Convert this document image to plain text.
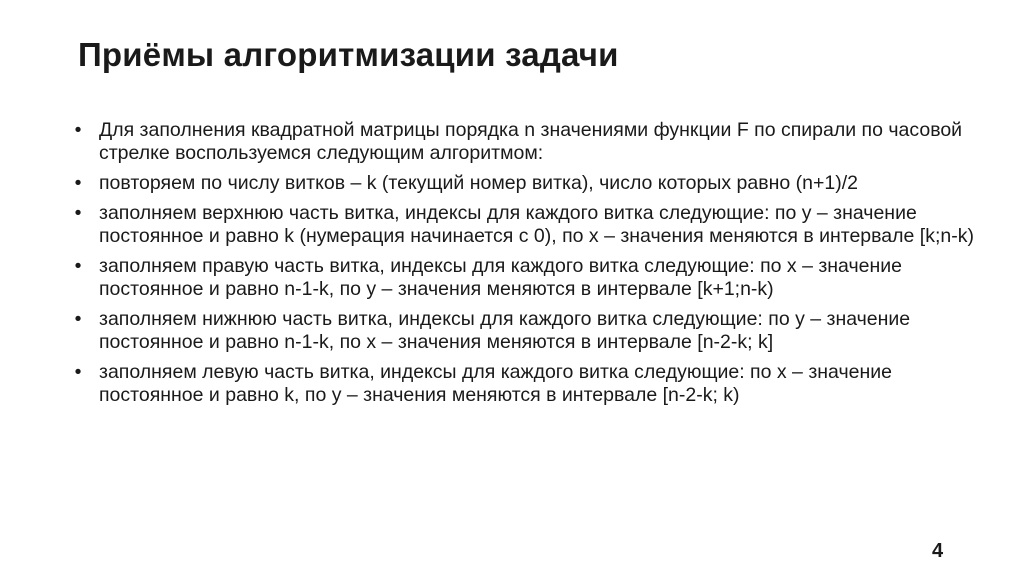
Приёмы алгоритмизации задачи
• Для заполнения квадратной матрицы порядка n значениями функции F по спирали по часовой стрелке воспользуемся следующим алгоритмом:
• повторяем по числу витков – k (текущий номер витка), число которых равно (n+1)/2
• заполняем верхнюю часть витка, индексы для каждого витка следующие: по y – значение постоянное и равно k (нумерация начинается с 0), по x – значения меняются в интервале [k;n-k)
• заполняем правую часть витка, индексы для каждого витка следующие: по x – значение постоянное и равно n-1-k, по y – значения меняются в интервале [k+1;n-k)
• заполняем нижнюю часть витка, индексы для каждого витка следующие: по y – значение постоянное и равно n-1-k, по x – значения меняются в интервале [n-2-k; k]
• заполняем левую часть витка, индексы для каждого витка следующие: по x – значение постоянное и равно k, по y – значения меняются в интервале [n-2-k; k)
4
